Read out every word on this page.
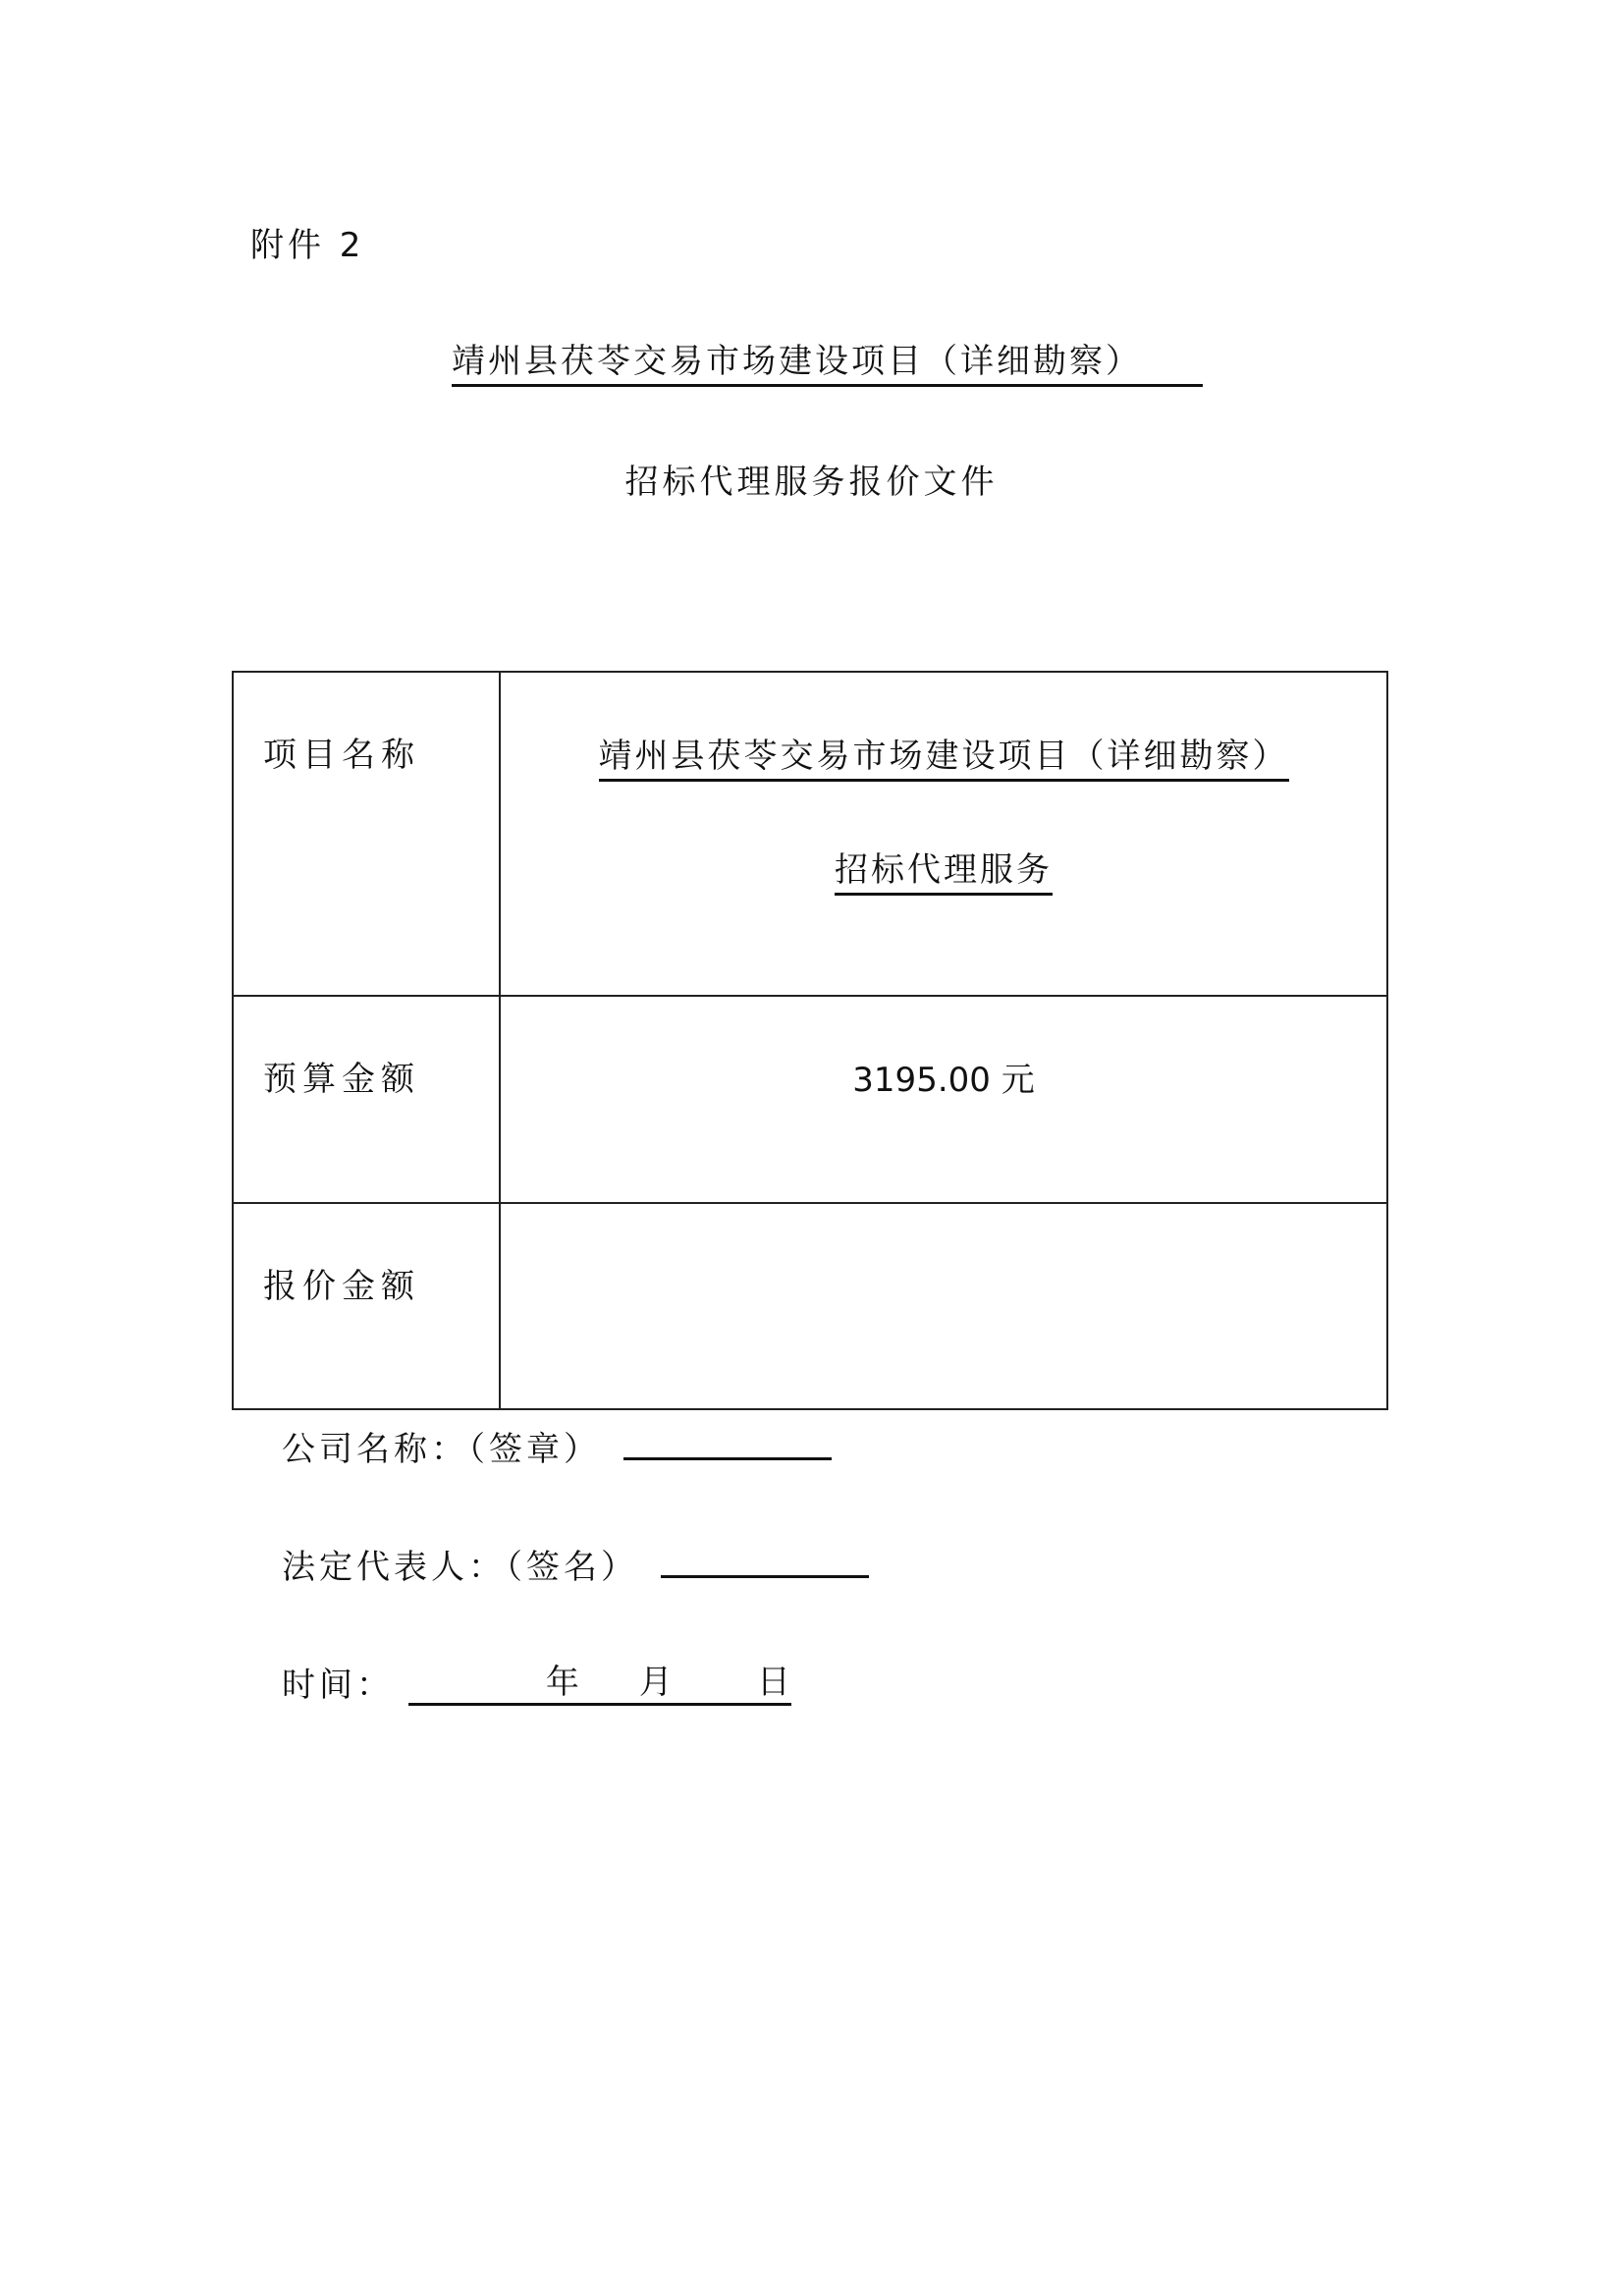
附件 2
靖州县茯苓交易市场建设项目（详细勘察）
招标代理服务报价文件
项目名称	靖州县茯苓交易市场建设项目（详细勘察）
招标代理服务

预算金额	3195.00 元
报价金额	
公司名称：（签章）
法定代表人：（签名）
时间：	年 月 日
